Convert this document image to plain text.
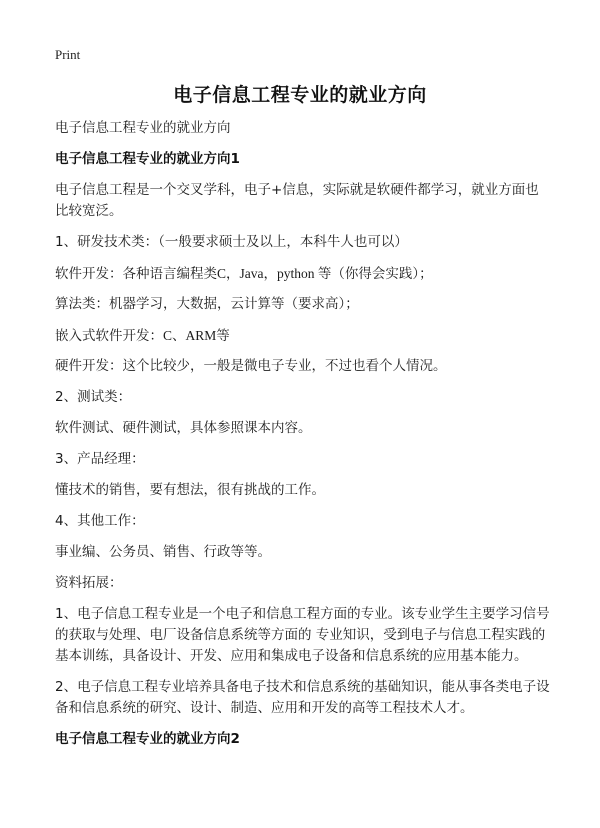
Print
电子信息工程专业的就业方向

电子信息工程专业的就业方向

电子信息工程专业的就业方向1

电子信息工程是一个交叉学科，电子+信息，实际就是软硬件都学习，就业方面也比较宽泛。

1、研发技术类：（一般要求硕士及以上，本科牛人也可以）

软件开发：各种语言编程类C，Java，python 等（你得会实践）；

算法类：机器学习，大数据，云计算等（要求高）；

嵌入式软件开发：C、ARM等

硬件开发：这个比较少，一般是微电子专业，不过也看个人情况。

2、测试类：

软件测试、硬件测试，具体参照课本内容。

3、产品经理：

懂技术的销售，要有想法，很有挑战的工作。

4、其他工作：

事业编、公务员、销售、行政等等。

资料拓展：

1、电子信息工程专业是一个电子和信息工程方面的专业。该专业学生主要学习信号的获取与处理、电厂设备信息系统等方面的 专业知识，受到电子与信息工程实践的基本训练，具备设计、开发、应用和集成电子设备和信息系统的应用基本能力。

2、电子信息工程专业培养具备电子技术和信息系统的基础知识，能从事各类电子设备和信息系统的研究、设计、制造、应用和开发的高等工程技术人才。

电子信息工程专业的就业方向2
